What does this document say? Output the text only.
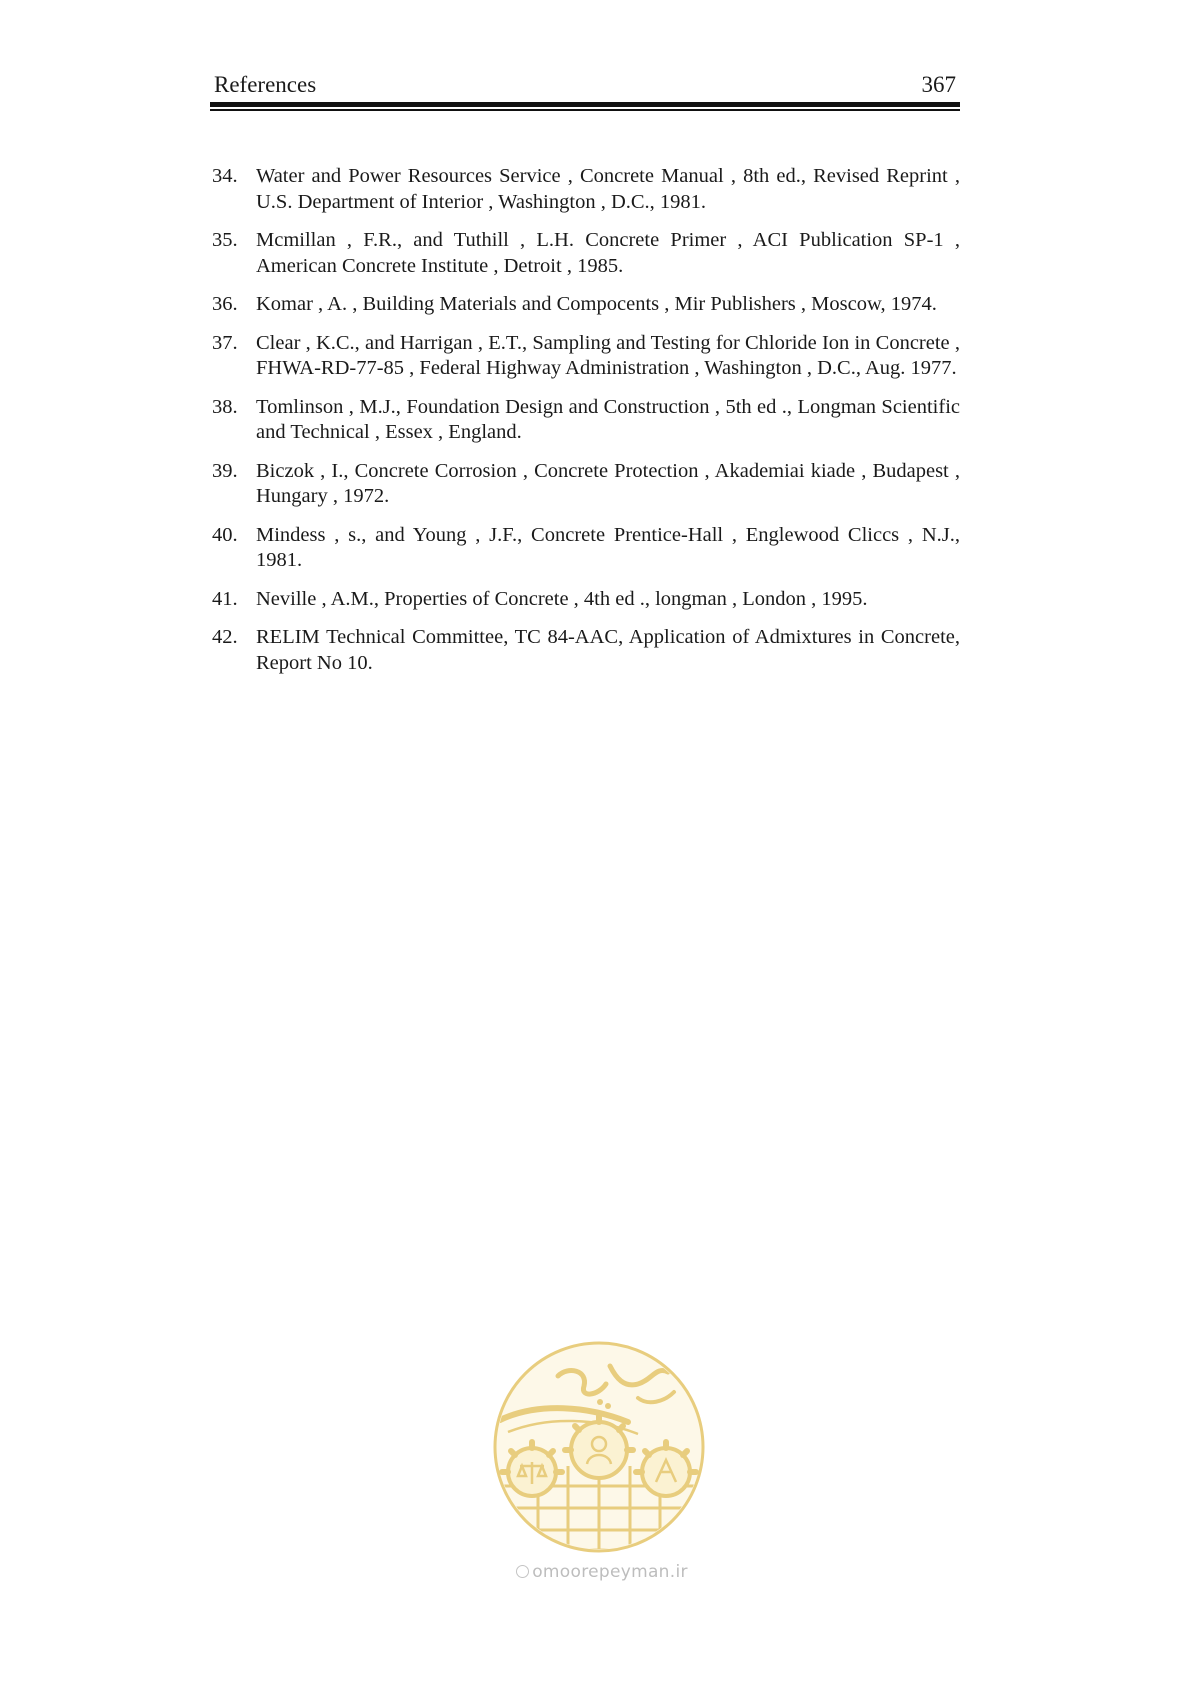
References	367
34. Water and Power Resources Service , Concrete Manual , 8th ed., Revised Reprint , U.S. Department of Interior , Washington , D.C., 1981.
35. Mcmillan , F.R., and Tuthill , L.H. Concrete Primer , ACI Publication SP-1 , American Concrete Institute , Detroit , 1985.
36. Komar , A. , Building Materials and Compocents , Mir Publishers , Moscow, 1974.
37. Clear , K.C., and Harrigan , E.T., Sampling and Testing for Chloride Ion in Concrete , FHWA-RD-77-85 , Federal Highway Administration , Washington , D.C., Aug. 1977.
38. Tomlinson , M.J., Foundation Design and Construction , 5th ed ., Longman Scientific and Technical , Essex , England.
39. Biczok , I., Concrete Corrosion , Concrete Protection , Akademiai kiade , Budapest , Hungary , 1972.
40. Mindess , s., and Young , J.F., Concrete Prentice-Hall , Englewood Cliccs , N.J., 1981.
41. Neville , A.M., Properties of Concrete , 4th ed ., longman , London , 1995.
42. RELIM Technical Committee, TC 84-AAC, Application of Admixtures in Concrete, Report No 10.
omoorepeyman.ir
